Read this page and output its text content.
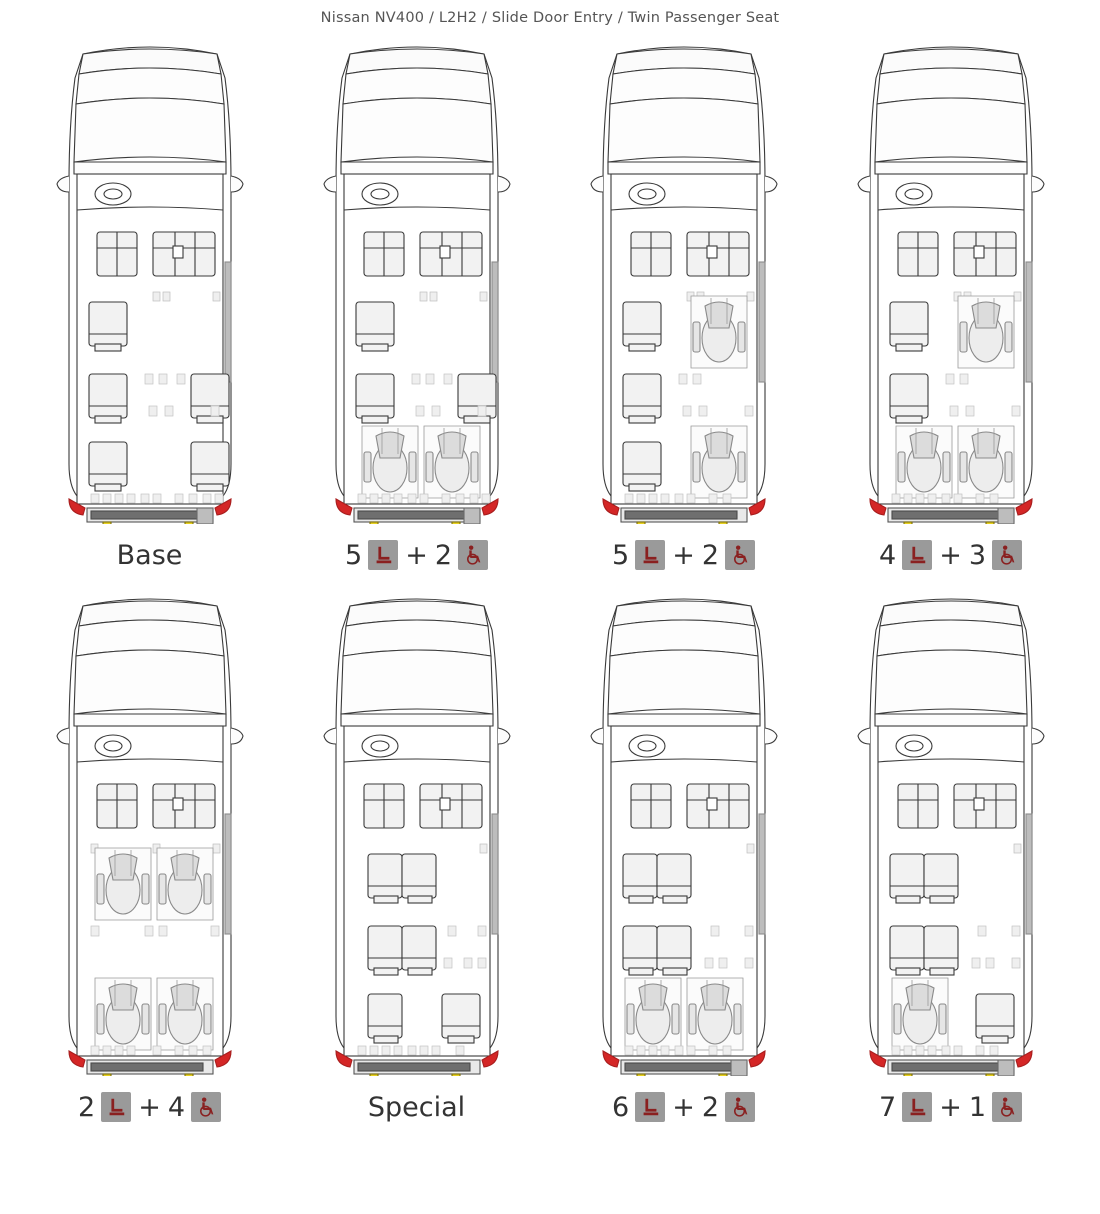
Nissan NV400 / L2H2 / Slide Door Entry / Twin Passenger Seat
Base	5 + 2	5 + 2	4 + 3
2 + 4	Special	6 + 2	7 + 1
